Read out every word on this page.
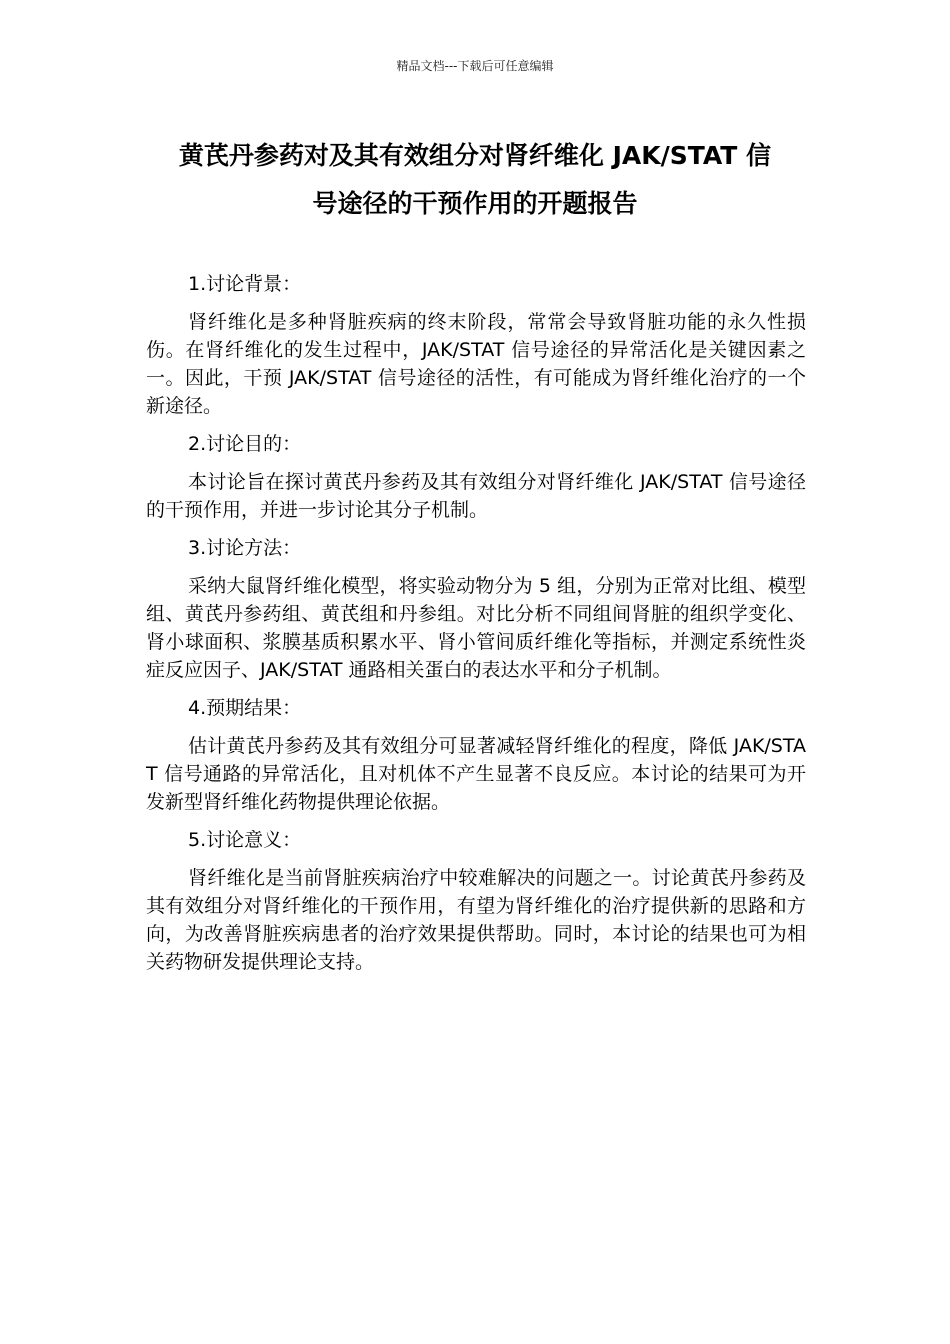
精品文档---下载后可任意编辑
黄芪丹参药对及其有效组分对肾纤维化 JAK/STAT 信
号途径的干预作用的开题报告

1.讨论背景：

肾纤维化是多种肾脏疾病的终末阶段，常常会导致肾脏功能的永久性损伤。在肾纤维化的发生过程中，JAK/STAT 信号途径的异常活化是关键因素之一。因此，干预 JAK/STAT 信号途径的活性，有可能成为肾纤维化治疗的一个新途径。

2.讨论目的：

本讨论旨在探讨黄芪丹参药及其有效组分对肾纤维化 JAK/STAT 信号途径的干预作用，并进一步讨论其分子机制。

3.讨论方法：

采纳大鼠肾纤维化模型，将实验动物分为 5 组，分别为正常对比组、模型组、黄芪丹参药组、黄芪组和丹参组。对比分析不同组间肾脏的组织学变化、肾小球面积、浆膜基质积累水平、肾小管间质纤维化等指标，并测定系统性炎症反应因子、JAK/STAT 通路相关蛋白的表达水平和分子机制。

4.预期结果：

估计黄芪丹参药及其有效组分可显著减轻肾纤维化的程度，降低 JAK/STAT 信号通路的异常活化，且对机体不产生显著不良反应。本讨论的结果可为开发新型肾纤维化药物提供理论依据。

5.讨论意义：

肾纤维化是当前肾脏疾病治疗中较难解决的问题之一。讨论黄芪丹参药及其有效组分对肾纤维化的干预作用，有望为肾纤维化的治疗提供新的思路和方向，为改善肾脏疾病患者的治疗效果提供帮助。同时，本讨论的结果也可为相关药物研发提供理论支持。
